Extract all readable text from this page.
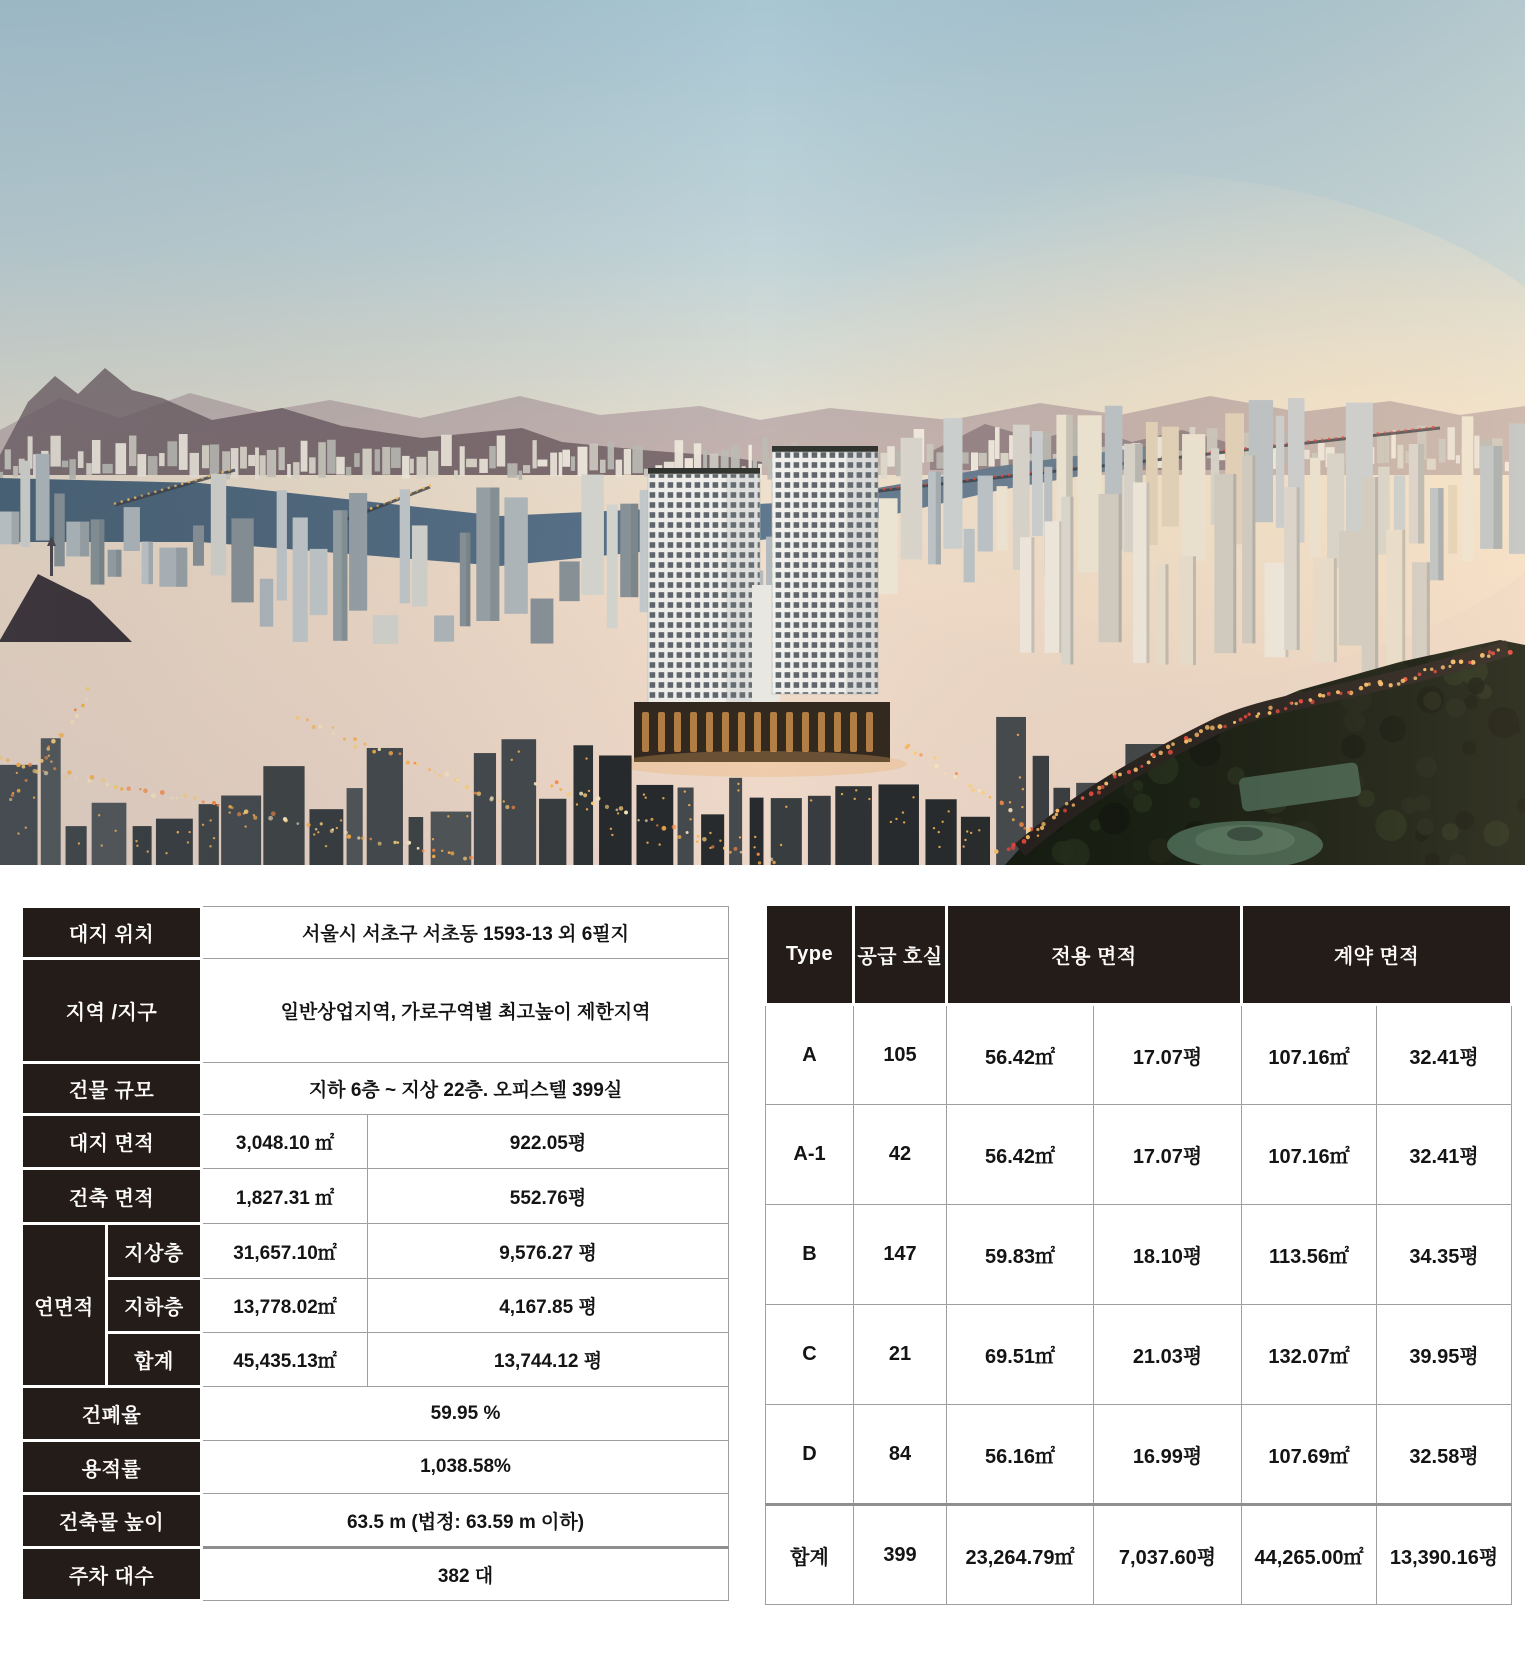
대지 위치		서울시 서초구 서초동 1593-13 외 6필지	
지역 /지구		일반상업지역, 가로구역별 최고높이 제한지역	
건물 규모		지하 6층 ~ 지상 22층. 오피스텔 399실	
대지 면적		3,048.10 ㎡	922.05평
건축 면적		1,827.31 ㎡	552.76평
연면적	지상층	31,657.10㎡	9,576.27 평
	지하층	13,778.02㎡	4,167.85 평
	합계	45,435.13㎡	13,744.12 평
건폐율		59.95 %	
용적률		1,038.58%	
건축물 높이		63.5 m (법정: 63.59 m 이하)	
주차 대수		382 대	
Type	공급 호실	전용 면적		계약 면적	
A	105	56.42㎡	17.07평	107.16㎡	32.41평
A-1	42	56.42㎡	17.07평	107.16㎡	32.41평
B	147	59.83㎡	18.10평	113.56㎡	34.35평
C	21	69.51㎡	21.03평	132.07㎡	39.95평
D	84	56.16㎡	16.99평	107.69㎡	32.58평
합계	399	23,264.79㎡	7,037.60평	44,265.00㎡	13,390.16평
